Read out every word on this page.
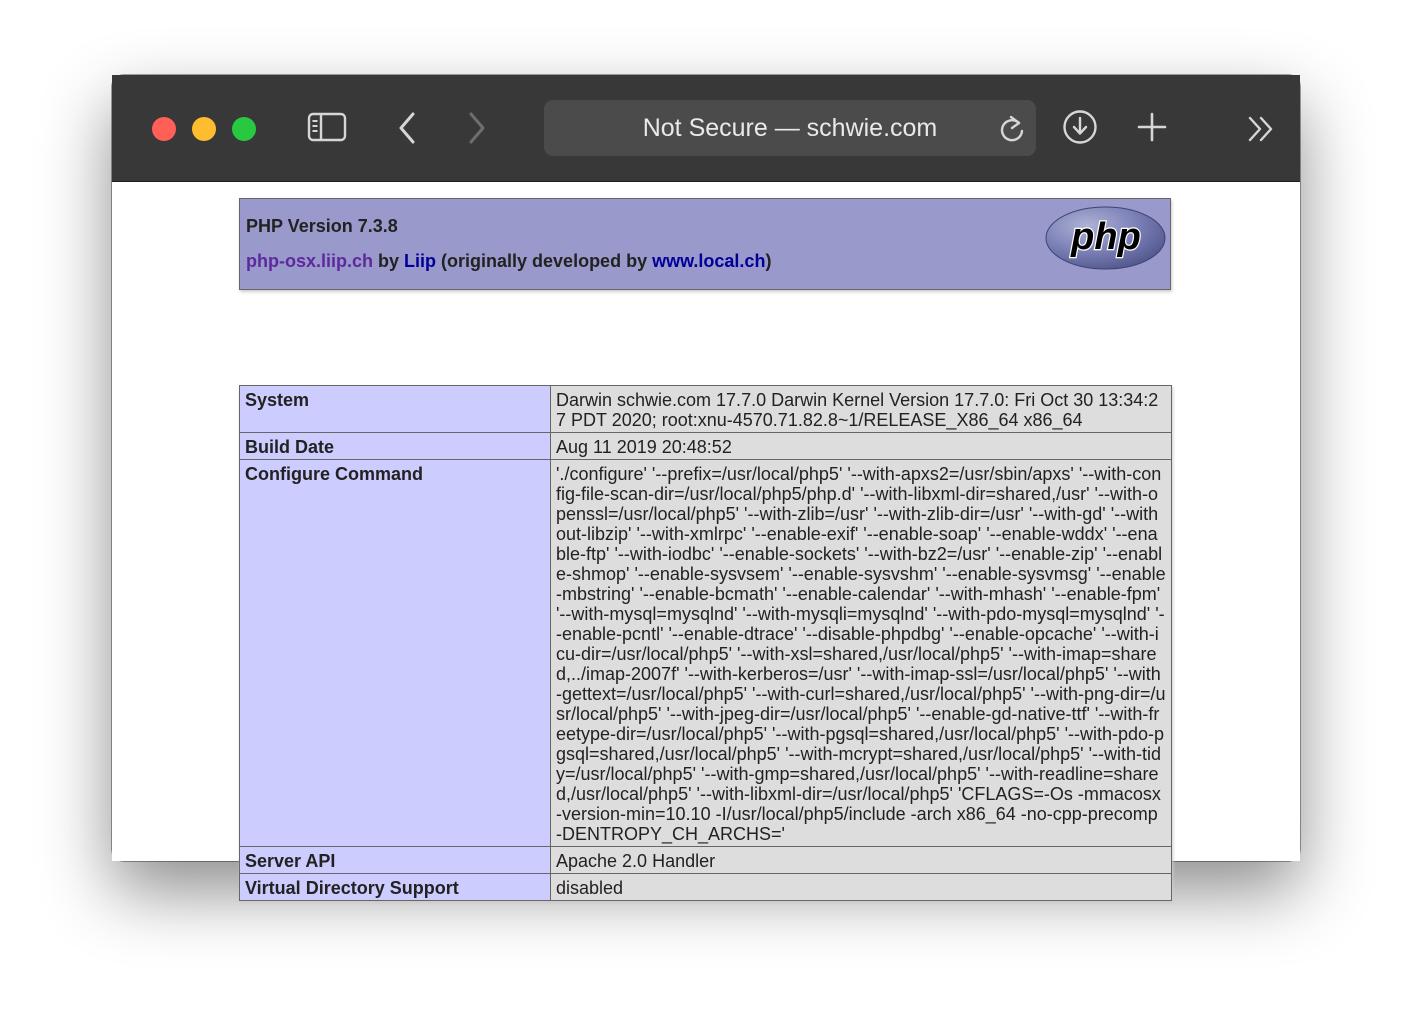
Not Secure — schwie.com
PHP Version 7.3.8
php-osx.liip.ch by Liip (originally developed by www.local.ch)
php
System	Darwin schwie.com 17.7.0 Darwin Kernel Version 17.7.0: Fri Oct 30 13:34:27 PDT 2020; root:xnu-4570.71.82.8~1/RELEASE_X86_64 x86_64
Build Date	Aug 11 2019 20:48:52
Configure Command	'./configure' '--prefix=/usr/local/php5' '--with-apxs2=/usr/sbin/apxs' '--with-config-file-scan-dir=/usr/local/php5/php.d' '--with-libxml-dir=shared,/usr' '--with-openssl=/usr/local/php5' '--with-zlib=/usr' '--with-zlib-dir=/usr' '--with-gd' '--without-libzip' '--with-xmlrpc' '--enable-exif' '--enable-soap' '--enable-wddx' '--enable-ftp' '--with-iodbc' '--enable-sockets' '--with-bz2=/usr' '--enable-zip' '--enable-shmop' '--enable-sysvsem' '--enable-sysvshm' '--enable-sysvmsg' '--enable-mbstring' '--enable-bcmath' '--enable-calendar' '--with-mhash' '--enable-fpm' '--with-mysql=mysqlnd' '--with-mysqli=mysqlnd' '--with-pdo-mysql=mysqlnd' '--enable-pcntl' '--enable-dtrace' '--disable-phpdbg' '--enable-opcache' '--with-icu-dir=/usr/local/php5' '--with-xsl=shared,/usr/local/php5' '--with-imap=shared,../imap-2007f' '--with-kerberos=/usr' '--with-imap-ssl=/usr/local/php5' '--with-gettext=/usr/local/php5' '--with-curl=shared,/usr/local/php5' '--with-png-dir=/usr/local/php5' '--with-jpeg-dir=/usr/local/php5' '--enable-gd-native-ttf' '--with-freetype-dir=/usr/local/php5' '--with-pgsql=shared,/usr/local/php5' '--with-pdo-pgsql=shared,/usr/local/php5' '--with-mcrypt=shared,/usr/local/php5' '--with-tidy=/usr/local/php5' '--with-gmp=shared,/usr/local/php5' '--with-readline=shared,/usr/local/php5' '--with-libxml-dir=/usr/local/php5' 'CFLAGS=-Os -mmacosx-version-min=10.10 -I/usr/local/php5/include -arch x86_64 -no-cpp-precomp -DENTROPY_CH_ARCHS='
Server API	Apache 2.0 Handler
Virtual Directory Support	disabled
